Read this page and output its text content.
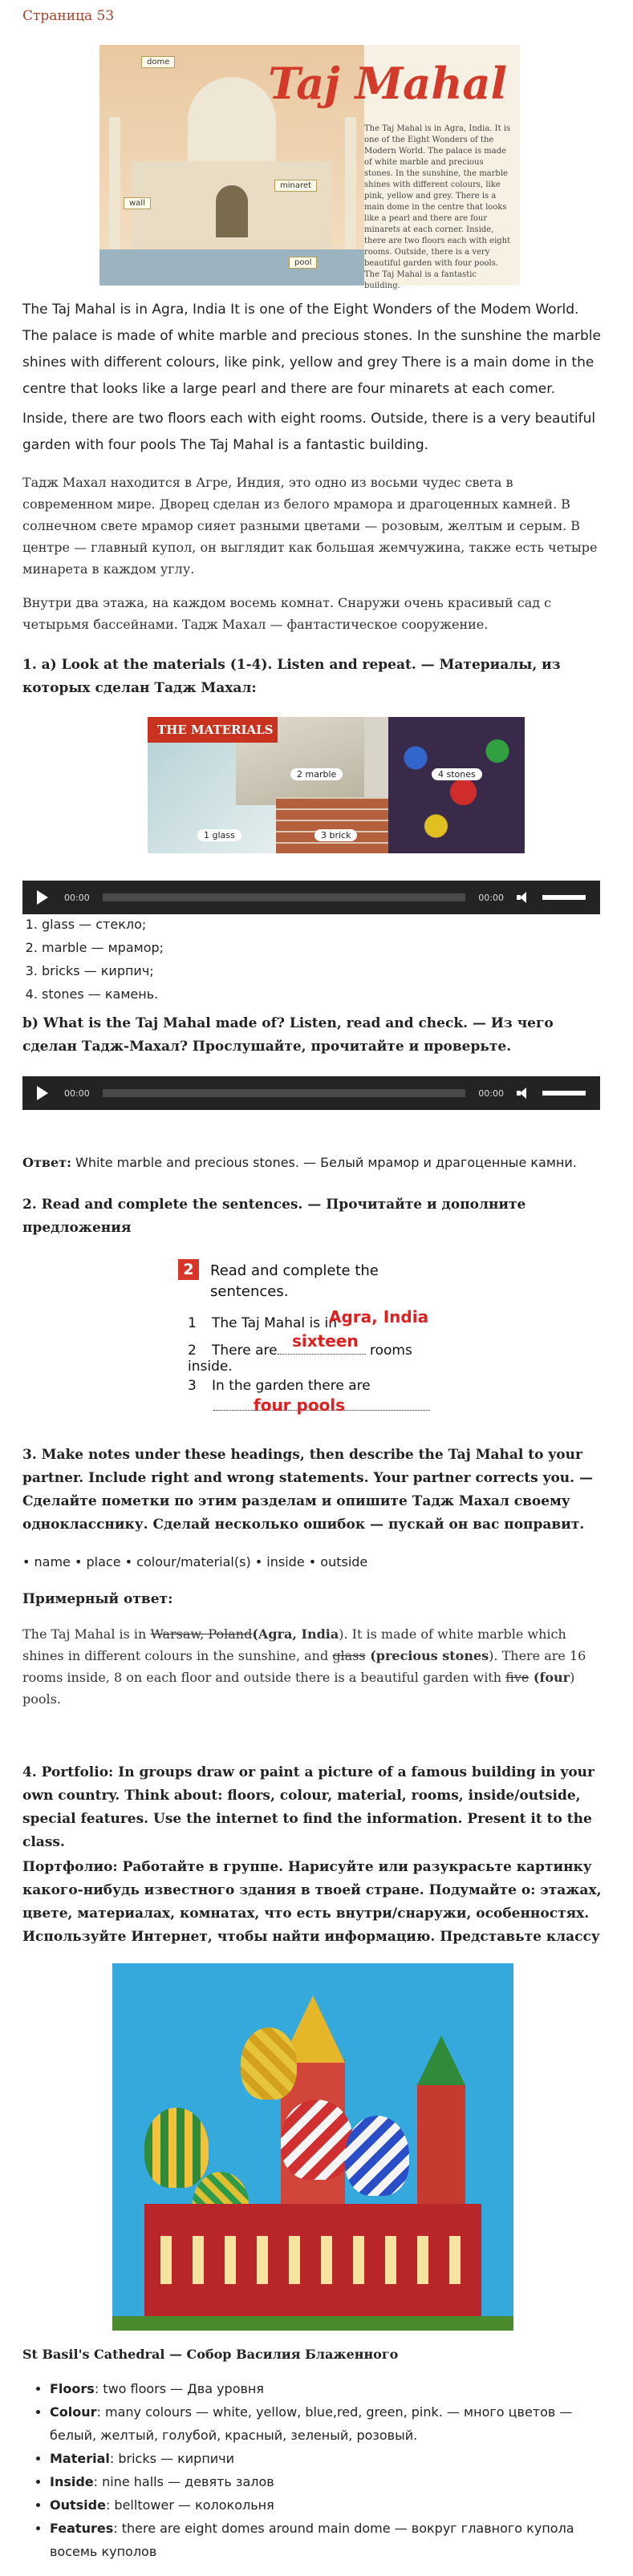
Страница 53
dome
wall
minaret
pool
Taj Mahal
The Taj Mahal is in Agra, India. It is one of the Eight Wonders of the Modern World. The palace is made of white marble and precious stones. In the sunshine, the marble shines with different colours, like pink, yellow and grey. There is a main dome in the centre that looks like a pearl and there are four minarets at each corner. Inside, there are two floors each with eight rooms. Outside, there is a very beautiful garden with four pools. The Taj Mahal is a fantastic building.
The Taj Mahal is in Agra, India It is one of the Eight Wonders of the Modem World. The palace is made of white marble and precious stones. In the sunshine the marble shines with different colours, like pink, yellow and grey There is a main dome in the centre that looks like a large pearl and there are four minarets at each comer.
Inside, there are two floors each with eight rooms. Outside, there is a very beautiful garden with four pools The Taj Mahal is a fantastic building.
Тадж Махал находится в Агре, Индия, это одно из восьми чудес света в современном мире. Дворец сделан из белого мрамора и драгоценных камней. В солнечном свете мрамор сияет разными цветами — розовым, желтым и серым. В центре — главный купол, он выглядит как большая жемчужина, также есть четыре минарета в каждом углу.
Внутри два этажа, на каждом восемь комнат. Снаружи очень красивый сад с четырьмя бассейнами. Тадж Махал — фантастическое сооружение.
1. a) Look at the materials (1-4). Listen and repeat. — Материалы, из которых сделан Тадж Махал:
THE MATERIALS
1 glass
2 marble
3 brick
4 stones
00:00	00:00
1. glass — стекло;
2. marble — мрамор;
3. bricks — кирпич;
4. stones — камень.
b) What is the Taj Mahal made of? Listen, read and check. — Из чего сделан Тадж-Махал? Прослушайте, прочитайте и проверьте.
00:00	00:00
Ответ: White marble and precious stones. — Белый мрамор и драгоценные камни.
2. Read and complete the sentences. — Прочитайте и дополните предложения
2	Read and complete the sentences.
1 The Taj Mahal is in
Agra, India
2 There are	rooms inside.
sixteen
3 In the garden there are
four pools
3. Make notes under these headings, then describe the Taj Mahal to your partner. Include right and wrong statements. Your partner corrects you. — Сделайте пометки по этим разделам и опишите Тадж Махал своему однокласснику. Сделай несколько ошибок — пускай он вас поправит.
• name • place • colour/material(s) • inside • outside
Примерный ответ:
The Taj Mahal is in Warsaw, Poland(Agra, India). It is made of white marble which shines in different colours in the sunshine, and glass (precious stones). There are 16 rooms inside, 8 on each floor and outside there is a beautiful garden with five (four) pools.
4. Portfolio: In groups draw or paint a picture of a famous building in your own country. Think about: floors, colour, material, rooms, inside/outside, special features. Use the internet to find the information. Present it to the class.
Портфолио: Работайте в группе. Нарисуйте или разукрасьте картинку какого-нибудь известного здания в твоей стране. Подумайте о: этажах, цвете, материалах, комнатах, что есть внутри/снаружи, особенностях. Используйте Интернет, чтобы найти информацию. Представьте классу
St Basil's Cathedral — Собор Василия Блаженного
• Floors: two floors — Два уровня
• Colour: many colours — white, yellow, blue,red, green, pink. — много цветов — белый, желтый, голубой, красный, зеленый, розовый.
• Material: bricks — кирпичи
• Inside: nine halls — девять залов
• Outside: belltower — колокольня
• Features: there are eight domes around main dome — вокруг главного купола восемь куполов
